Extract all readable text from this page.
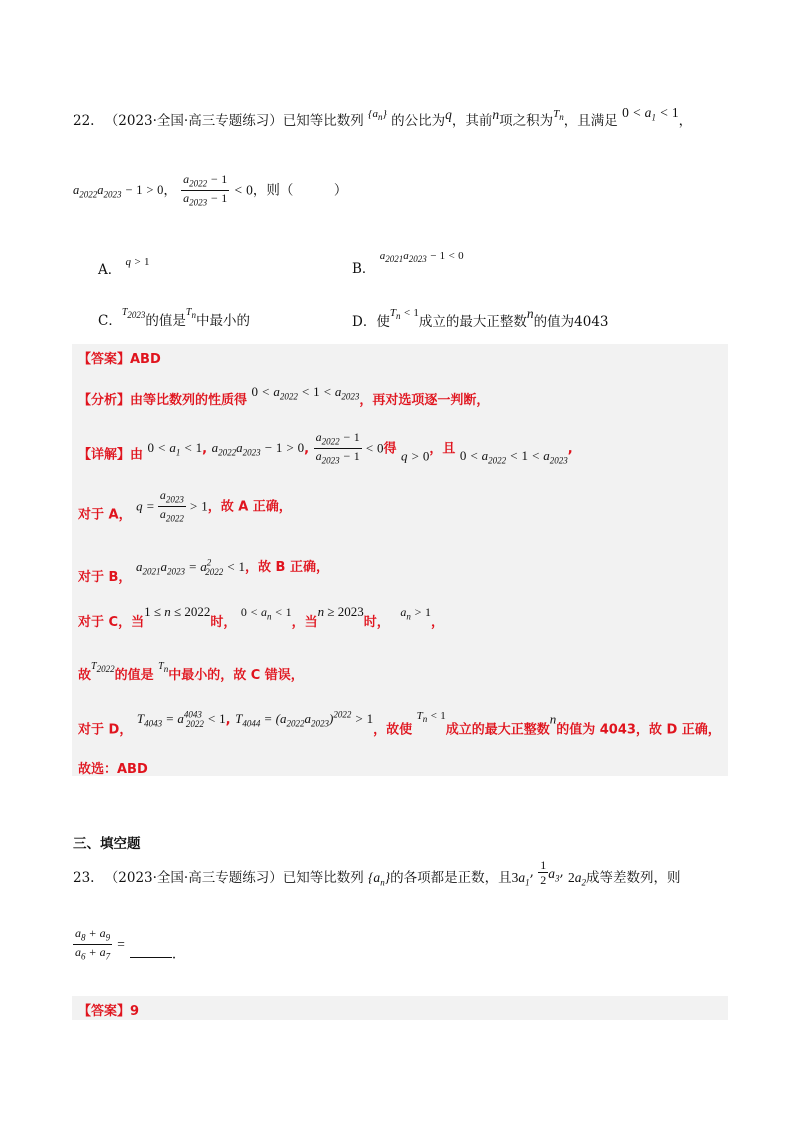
22. （2023·全国·高三专题练习）已知等比数列 $^{\{a_n\}}$ 的公比为q，其前n项之积为$^{T_n}$，且满足 $0 < a_1 < 1$，
$a_{2022}a_{2023} - 1 > 0$， $\frac{a_{2022} - 1}{a_{2023} - 1} < 0$，则（　　　）
A． q > 1	B． $a_{2021}a_{2023} - 1 < 0$
C．$^{T_{2023}}$的值是$^{T_n}$中最小的	D．使$^{T_n < 1}$成立的最大正整数n的值为4043
【答案】ABD
【分析】由等比数列的性质得 $0 < a_{2022} < 1 < a_{2023}$，再对选项逐一判断，
【详解】由 $0 < a_1 < 1$, $a_{2022}a_{2023} - 1 > 0$, $\frac{a_{2022} - 1}{a_{2023} - 1} < 0$得 q > 0，且 $0 < a_{2022} < 1 < a_{2023}$,
对于 A， $q = \frac{a_{2023}}{a_{2022}} > 1$，故 A 正确，
对于 B， $a_{2021}a_{2023} = a^2_{2022} < 1$，故 B 正确，
对于 C，当1 ≤ n ≤ 2022时， $0 < a_n < 1$，当n ≥ 2023时， $a_n > 1$，
故$T_{2022}$的值是 $T_n$中最小的，故 C 错误，
对于 D， $T_{4043} = a^{4043}_{2022} < 1$, $T_{4044} = (a_{2022}a_{2023})^{2022} > 1$，故使 $^{T_n < 1}$成立的最大正整数n的值为 4043，故 D 正确，
故选：ABD
三、填空题
23. （2023·全国·高三专题练习）已知等比数列 $\{a_n\}$的各项都是正数，且$3a_1$, $\frac{1}{2} a_3$, $2a_2$成等差数列，则
$\frac{a_8 + a_9}{a_6 + a_7}$ = .
【答案】9
